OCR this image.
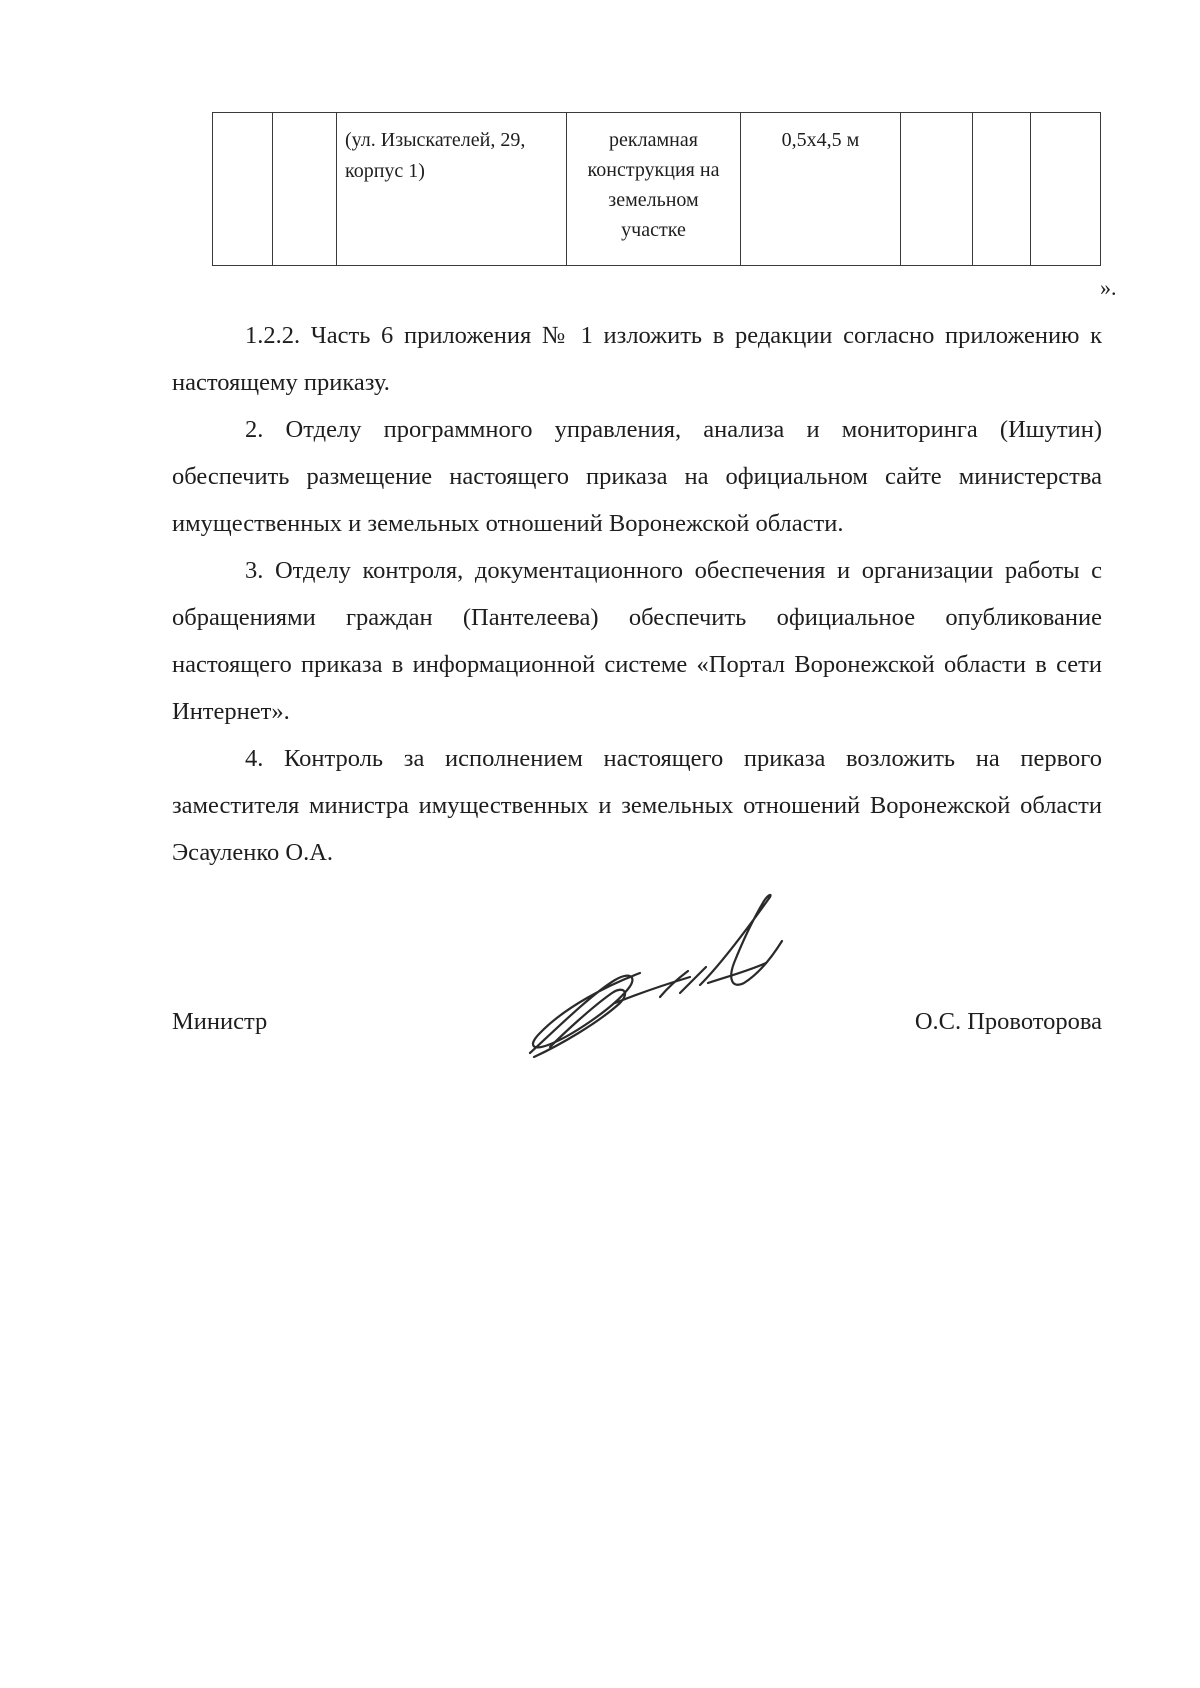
		(ул. Изыскателей, 29, корпус 1)	рекламная конструкция на земельном участке	0,5х4,5 м			
».

1.2.2. Часть 6 приложения № 1 изложить в редакции согласно приложению к настоящему приказу.

2. Отделу программного управления, анализа и мониторинга (Ишутин) обеспечить размещение настоящего приказа на официальном сайте министерства имущественных и земельных отношений Воронежской области.

3. Отделу контроля, документационного обеспечения и организации работы с обращениями граждан (Пантелеева) обеспечить официальное опубликование настоящего приказа в информационной системе «Портал Воронежской области в сети Интернет».

4. Контроль за исполнением настоящего приказа возложить на первого заместителя министра имущественных и земельных отношений Воронежской области Эсауленко О.А.

Министр	О.С. Провоторова
